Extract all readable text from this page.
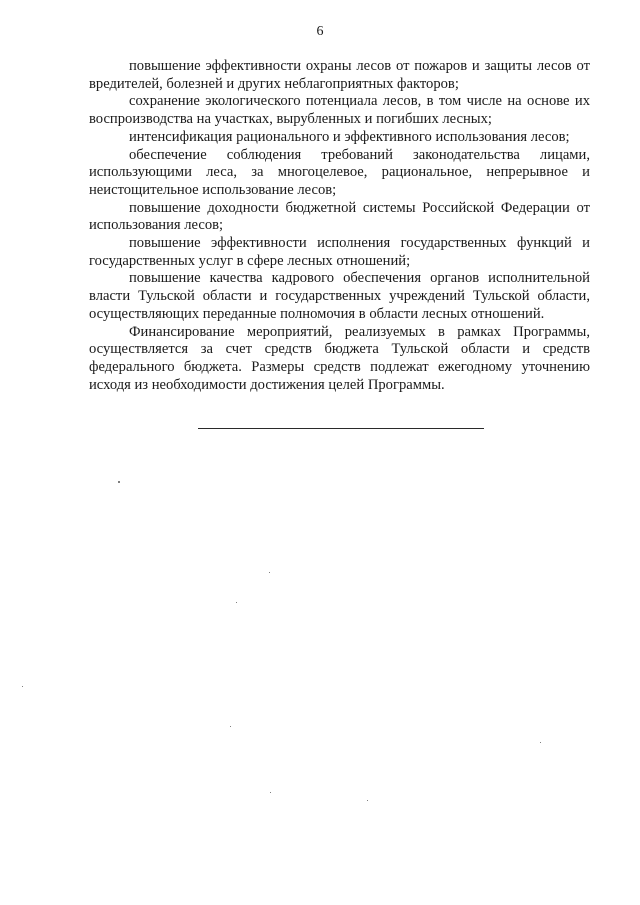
6

повышение эффективности охраны лесов от пожаров и защиты лесов от вредителей, болезней и других неблагоприятных факторов;

сохранение экологического потенциала лесов, в том числе на основе их воспроизводства на участках, вырубленных и погибших лесных;

интенсификация рационального и эффективного использования лесов;

обеспечение соблюдения требований законодательства лицами, использующими леса, за многоцелевое, рациональное, непрерывное и неистощительное использование лесов;

повышение доходности бюджетной системы Российской Федерации от использования лесов;

повышение эффективности исполнения государственных функций и государственных услуг в сфере лесных отношений;

повышение качества кадрового обеспечения органов исполнительной власти Тульской области и государственных учреждений Тульской области, осуществляющих переданные полномочия в области лесных отношений.

Финансирование мероприятий, реализуемых в рамках Программы, осуществляется за счет средств бюджета Тульской области и средств федерального бюджета. Размеры средств подлежат ежегодному уточнению исходя из необходимости достижения целей Программы.
